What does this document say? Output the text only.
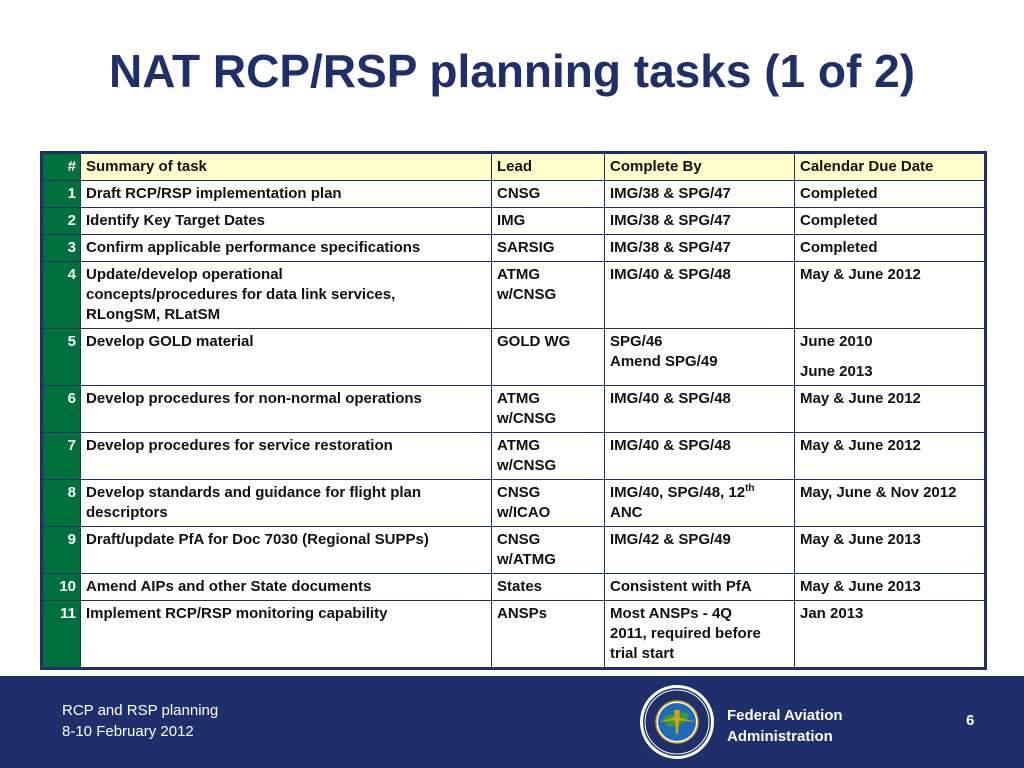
NAT RCP/RSP planning tasks (1 of 2)
#	Summary of task	Lead	Complete By	Calendar Due Date
1	Draft RCP/RSP implementation plan	CNSG	IMG/38 & SPG/47	Completed
2	Identify Key Target Dates	IMG	IMG/38 & SPG/47	Completed
3	Confirm applicable performance specifications	SARSIG	IMG/38 & SPG/47	Completed
4	Update/develop operational
concepts/procedures for data link services,
RLongSM, RLatSM	ATMG
w/CNSG	IMG/40 & SPG/48	May & June 2012
5	Develop GOLD material	GOLD WG	SPG/46
Amend SPG/49	June 2010
June 2013

6	Develop procedures for non-normal operations	ATMG
w/CNSG	IMG/40 & SPG/48	May & June 2012
7	Develop procedures for service restoration	ATMG
w/CNSG	IMG/40 & SPG/48	May & June 2012
8	Develop standards and guidance for flight plan
descriptors	CNSG
w/ICAO	IMG/40, SPG/48, 12th
ANC	May, June & Nov 2012
9	Draft/update PfA for Doc 7030 (Regional SUPPs)	CNSG
w/ATMG	IMG/42 & SPG/49	May & June 2013
10	Amend AIPs and other State documents	States	Consistent with PfA	May & June 2013
11	Implement RCP/RSP monitoring capability	ANSPs	Most ANSPs - 4Q
2011, required before
trial start	Jan 2013
RCP and RSP planning
8-10 February 2012
Federal Aviation
Administration
6
